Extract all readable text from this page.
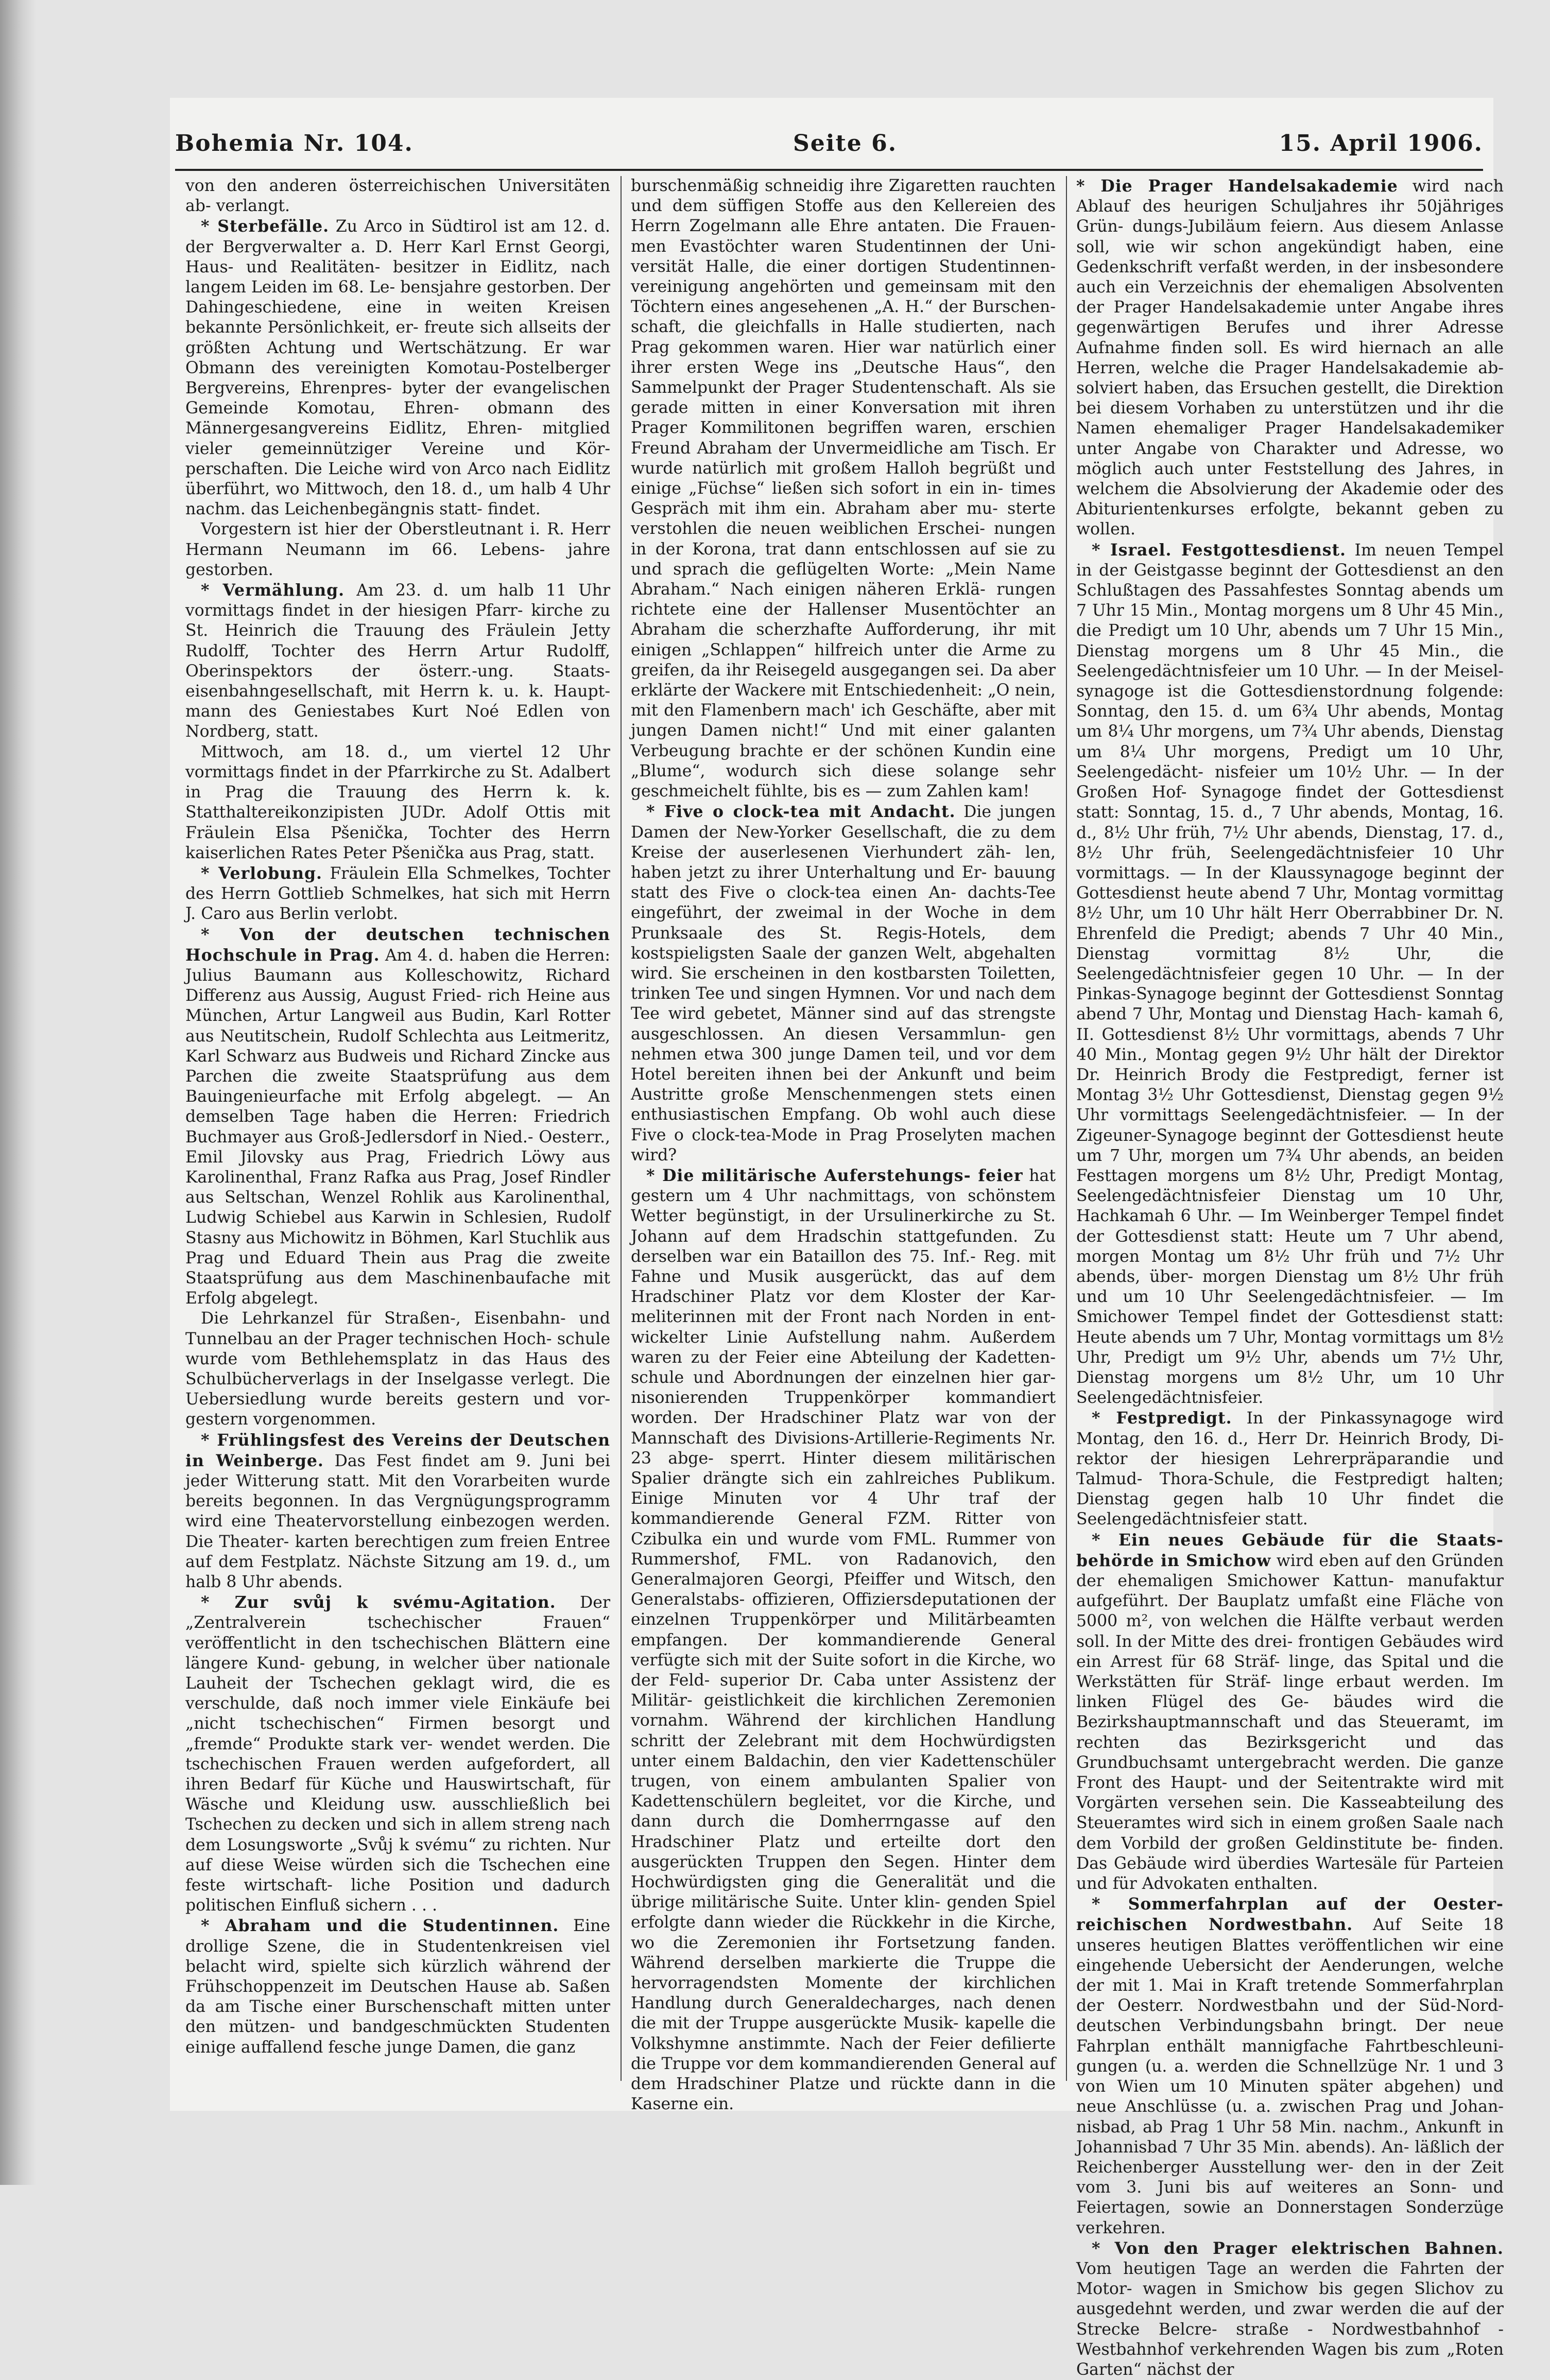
Bohemia Nr. 104.	Seite 6.	15. April 1906.

von den anderen österreichischen Universitäten ab- verlangt.

* Sterbefälle. Zu Arco in Südtirol ist am 12. d. der Bergverwalter a. D. Herr Karl Ernst Georgi, Haus- und Realitäten- besitzer in Eidlitz, nach langem Leiden im 68. Le- bensjahre gestorben. Der Dahingeschiedene, eine in weiten Kreisen bekannte Persönlichkeit, er- freute sich allseits der größten Achtung und Wertschätzung. Er war Obmann des vereinigten Komotau-Postelberger Bergvereins, Ehrenpres- byter der evangelischen Gemeinde Komotau, Ehren- obmann des Männergesangvereins Eidlitz, Ehren- mitglied vieler gemeinnütziger Vereine und Kör- perschaften. Die Leiche wird von Arco nach Eidlitz überführt, wo Mittwoch, den 18. d., um halb 4 Uhr nachm. das Leichenbegängnis statt- findet.

Vorgestern ist hier der Oberstleutnant i. R. Herr Hermann Neumann im 66. Lebens- jahre gestorben.

* Vermählung. Am 23. d. um halb 11 Uhr vormittags findet in der hiesigen Pfarr- kirche zu St. Heinrich die Trauung des Fräulein Jetty Rudolff, Tochter des Herrn Artur Rudolff, Oberinspektors der österr.-ung. Staats- eisenbahngesellschaft, mit Herrn k. u. k. Haupt- mann des Geniestabes Kurt Noé Edlen von Nordberg, statt.

Mittwoch, am 18. d., um viertel 12 Uhr vormittags findet in der Pfarrkirche zu St. Adalbert in Prag die Trauung des Herrn k. k. Statthaltereikonzipisten JUDr. Adolf Ottis mit Fräulein Elsa Pšenička, Tochter des Herrn kaiserlichen Rates Peter Pšenička aus Prag, statt.

* Verlobung. Fräulein Ella Schmelkes, Tochter des Herrn Gottlieb Schmelkes, hat sich mit Herrn J. Caro aus Berlin verlobt.

* Von der deutschen technischen Hochschule in Prag. Am 4. d. haben die Herren: Julius Baumann aus Kolleschowitz, Richard Differenz aus Aussig, August Fried- rich Heine aus München, Artur Langweil aus Budin, Karl Rotter aus Neutitschein, Rudolf Schlechta aus Leitmeritz, Karl Schwarz aus Budweis und Richard Zincke aus Parchen die zweite Staatsprüfung aus dem Bauingenieurfache mit Erfolg abgelegt. — An demselben Tage haben die Herren: Friedrich Buchmayer aus Groß-Jedlersdorf in Nied.- Oesterr., Emil Jilovsky aus Prag, Friedrich Löwy aus Karolinenthal, Franz Rafka aus Prag, Josef Rindler aus Seltschan, Wenzel Rohlik aus Karolinenthal, Ludwig Schiebel aus Karwin in Schlesien, Rudolf Stasny aus Michowitz in Böhmen, Karl Stuchlik aus Prag und Eduard Thein aus Prag die zweite Staatsprüfung aus dem Maschinenbaufache mit Erfolg abgelegt.

Die Lehrkanzel für Straßen-, Eisenbahn- und Tunnelbau an der Prager technischen Hoch- schule wurde vom Bethlehemsplatz in das Haus des Schulbücherverlags in der Inselgasse verlegt. Die Uebersiedlung wurde bereits gestern und vor- gestern vorgenommen.

* Frühlingsfest des Vereins der Deutschen in Weinberge. Das Fest findet am 9. Juni bei jeder Witterung statt. Mit den Vorarbeiten wurde bereits begonnen. In das Vergnügungsprogramm wird eine Theatervorstellung einbezogen werden. Die Theater- karten berechtigen zum freien Entree auf dem Festplatz. Nächste Sitzung am 19. d., um halb 8 Uhr abends.

* Zur svůj k svému-Agitation. Der „Zentralverein tschechischer Frauen“ veröffentlicht in den tschechischen Blättern eine längere Kund- gebung, in welcher über nationale Lauheit der Tschechen geklagt wird, die es verschulde, daß noch immer viele Einkäufe bei „nicht tschechischen“ Firmen besorgt und „fremde“ Produkte stark ver- wendet werden. Die tschechischen Frauen werden aufgefordert, all ihren Bedarf für Küche und Hauswirtschaft, für Wäsche und Kleidung usw. ausschließlich bei Tschechen zu decken und sich in allem streng nach dem Losungsworte „Svůj k svému“ zu richten. Nur auf diese Weise würden sich die Tschechen eine feste wirtschaft- liche Position und dadurch politischen Einfluß sichern . . .

* Abraham und die Studentinnen. Eine drollige Szene, die in Studentenkreisen viel belacht wird, spielte sich kürzlich während der Frühschoppenzeit im Deutschen Hause ab. Saßen da am Tische einer Burschenschaft mitten unter den mützen- und bandgeschmückten Studenten einige auffallend fesche junge Damen, die ganz

burschenmäßig schneidig ihre Zigaretten rauchten und dem süffigen Stoffe aus den Kellereien des Herrn Zogelmann alle Ehre antaten. Die Frauen- men Evastöchter waren Studentinnen der Uni- versität Halle, die einer dortigen Studentinnen- vereinigung angehörten und gemeinsam mit den Töchtern eines angesehenen „A. H.“ der Burschen- schaft, die gleichfalls in Halle studierten, nach Prag gekommen waren. Hier war natürlich einer ihrer ersten Wege ins „Deutsche Haus“, den Sammelpunkt der Prager Studentenschaft. Als sie gerade mitten in einer Konversation mit ihren Prager Kommilitonen begriffen waren, erschien Freund Abraham der Unvermeidliche am Tisch. Er wurde natürlich mit großem Halloh begrüßt und einige „Füchse“ ließen sich sofort in ein in- times Gespräch mit ihm ein. Abraham aber mu- sterte verstohlen die neuen weiblichen Erschei- nungen in der Korona, trat dann entschlossen auf sie zu und sprach die geflügelten Worte: „Mein Name Abraham.“ Nach einigen näheren Erklä- rungen richtete eine der Hallenser Musentöchter an Abraham die scherzhafte Aufforderung, ihr mit einigen „Schlappen“ hilfreich unter die Arme zu greifen, da ihr Reisegeld ausgegangen sei. Da aber erklärte der Wackere mit Entschiedenheit: „O nein, mit den Flamenbern mach' ich Geschäfte, aber mit jungen Damen nicht!“ Und mit einer galanten Verbeugung brachte er der schönen Kundin eine „Blume“, wodurch sich diese solange sehr geschmeichelt fühlte, bis es — zum Zahlen kam!

* Five o clock-tea mit Andacht. Die jungen Damen der New-Yorker Gesellschaft, die zu dem Kreise der auserlesenen Vierhundert zäh- len, haben jetzt zu ihrer Unterhaltung und Er- bauung statt des Five o clock-tea einen An- dachts-Tee eingeführt, der zweimal in der Woche in dem Prunksaale des St. Regis-Hotels, dem kostspieligsten Saale der ganzen Welt, abgehalten wird. Sie erscheinen in den kostbarsten Toiletten, trinken Tee und singen Hymnen. Vor und nach dem Tee wird gebetet, Männer sind auf das strengste ausgeschlossen. An diesen Versammlun- gen nehmen etwa 300 junge Damen teil, und vor dem Hotel bereiten ihnen bei der Ankunft und beim Austritte große Menschenmengen stets einen enthusiastischen Empfang. Ob wohl auch diese Five o clock-tea-Mode in Prag Proselyten machen wird?

* Die militärische Auferstehungs- feier hat gestern um 4 Uhr nachmittags, von schönstem Wetter begünstigt, in der Ursulinerkirche zu St. Johann auf dem Hradschin stattgefunden. Zu derselben war ein Bataillon des 75. Inf.- Reg. mit Fahne und Musik ausgerückt, das auf dem Hradschiner Platz vor dem Kloster der Kar- meliterinnen mit der Front nach Norden in ent- wickelter Linie Aufstellung nahm. Außerdem waren zu der Feier eine Abteilung der Kadetten- schule und Abordnungen der einzelnen hier gar- nisonierenden Truppenkörper kommandiert worden. Der Hradschiner Platz war von der Mannschaft des Divisions-Artillerie-Regiments Nr. 23 abge- sperrt. Hinter diesem militärischen Spalier drängte sich ein zahlreiches Publikum. Einige Minuten vor 4 Uhr traf der kommandierende General FZM. Ritter von Czibulka ein und wurde vom FML. Rummer von Rummershof, FML. von Radanovich, den Generalmajoren Georgi, Pfeiffer und Witsch, den Generalstabs- offizieren, Offiziersdeputationen der einzelnen Truppenkörper und Militärbeamten empfangen. Der kommandierende General verfügte sich mit der Suite sofort in die Kirche, wo der Feld- superior Dr. Caba unter Assistenz der Militär- geistlichkeit die kirchlichen Zeremonien vornahm. Während der kirchlichen Handlung schritt der Zelebrant mit dem Hochwürdigsten unter einem Baldachin, den vier Kadettenschüler trugen, von einem ambulanten Spalier von Kadettenschülern begleitet, vor die Kirche, und dann durch die Domherrngasse auf den Hradschiner Platz und erteilte dort den ausgerückten Truppen den Segen. Hinter dem Hochwürdigsten ging die Generalität und die übrige militärische Suite. Unter klin- genden Spiel erfolgte dann wieder die Rückkehr in die Kirche, wo die Zeremonien ihr Fortsetzung fanden. Während derselben markierte die Truppe die hervorragendsten Momente der kirchlichen Handlung durch Generaldecharges, nach denen die mit der Truppe ausgerückte Musik- kapelle die Volkshymne anstimmte. Nach der Feier defilierte die Truppe vor dem kommandierenden General auf dem Hradschiner Platze und rückte dann in die Kaserne ein.

* Die Prager Handelsakademie wird nach Ablauf des heurigen Schuljahres ihr 50jähriges Grün- dungs-Jubiläum feiern. Aus diesem Anlasse soll, wie wir schon angekündigt haben, eine Gedenkschrift verfaßt werden, in der insbesondere auch ein Verzeichnis der ehemaligen Absolventen der Prager Handelsakademie unter Angabe ihres gegenwärtigen Berufes und ihrer Adresse Aufnahme finden soll. Es wird hiernach an alle Herren, welche die Prager Handelsakademie ab- solviert haben, das Ersuchen gestellt, die Direktion bei diesem Vorhaben zu unterstützen und ihr die Namen ehemaliger Prager Handelsakademiker unter Angabe von Charakter und Adresse, wo möglich auch unter Feststellung des Jahres, in welchem die Absolvierung der Akademie oder des Abiturientenkurses erfolgte, bekannt geben zu wollen.

* Israel. Festgottesdienst. Im neuen Tempel in der Geistgasse beginnt der Gottesdienst an den Schlußtagen des Passahfestes Sonntag abends um 7 Uhr 15 Min., Montag morgens um 8 Uhr 45 Min., die Predigt um 10 Uhr, abends um 7 Uhr 15 Min., Dienstag morgens um 8 Uhr 45 Min., die Seelengedächtnisfeier um 10 Uhr. — In der Meisel- synagoge ist die Gottesdienstordnung folgende: Sonntag, den 15. d. um 6¾ Uhr abends, Montag um 8¼ Uhr morgens, um 7¾ Uhr abends, Dienstag um 8¼ Uhr morgens, Predigt um 10 Uhr, Seelengedächt- nisfeier um 10½ Uhr. — In der Großen Hof- Synagoge findet der Gottesdienst statt: Sonntag, 15. d., 7 Uhr abends, Montag, 16. d., 8½ Uhr früh, 7½ Uhr abends, Dienstag, 17. d., 8½ Uhr früh, Seelengedächtnisfeier 10 Uhr vormittags. — In der Klaussynagoge beginnt der Gottesdienst heute abend 7 Uhr, Montag vormittag 8½ Uhr, um 10 Uhr hält Herr Oberrabbiner Dr. N. Ehrenfeld die Predigt; abends 7 Uhr 40 Min., Dienstag vormittag 8½ Uhr, die Seelengedächtnisfeier gegen 10 Uhr. — In der Pinkas-Synagoge beginnt der Gottesdienst Sonntag abend 7 Uhr, Montag und Dienstag Hach- kamah 6, II. Gottesdienst 8½ Uhr vormittags, abends 7 Uhr 40 Min., Montag gegen 9½ Uhr hält der Direktor Dr. Heinrich Brody die Festpredigt, ferner ist Montag 3½ Uhr Gottesdienst, Dienstag gegen 9½ Uhr vormittags Seelengedächtnisfeier. — In der Zigeuner-Synagoge beginnt der Gottesdienst heute um 7 Uhr, morgen um 7¾ Uhr abends, an beiden Festtagen morgens um 8½ Uhr, Predigt Montag, Seelengedächtnisfeier Dienstag um 10 Uhr, Hachkamah 6 Uhr. — Im Weinberger Tempel findet der Gottesdienst statt: Heute um 7 Uhr abend, morgen Montag um 8½ Uhr früh und 7½ Uhr abends, über- morgen Dienstag um 8½ Uhr früh und um 10 Uhr Seelengedächtnisfeier. — Im Smichower Tempel findet der Gottesdienst statt: Heute abends um 7 Uhr, Montag vormittags um 8½ Uhr, Predigt um 9½ Uhr, abends um 7½ Uhr, Dienstag morgens um 8½ Uhr, um 10 Uhr Seelengedächtnisfeier.

* Festpredigt. In der Pinkassynagoge wird Montag, den 16. d., Herr Dr. Heinrich Brody, Di- rektor der hiesigen Lehrerpräparandie und Talmud- Thora-Schule, die Festpredigt halten; Dienstag gegen halb 10 Uhr findet die Seelengedächtnisfeier statt.

* Ein neues Gebäude für die Staats- behörde in Smichow wird eben auf den Gründen der ehemaligen Smichower Kattun- manufaktur aufgeführt. Der Bauplatz umfaßt eine Fläche von 5000 m², von welchen die Hälfte verbaut werden soll. In der Mitte des drei- frontigen Gebäudes wird ein Arrest für 68 Sträf- linge, das Spital und die Werkstätten für Sträf- linge erbaut werden. Im linken Flügel des Ge- bäudes wird die Bezirkshauptmannschaft und das Steueramt, im rechten das Bezirksgericht und das Grundbuchsamt untergebracht werden. Die ganze Front des Haupt- und der Seitentrakte wird mit Vorgärten versehen sein. Die Kasseabteilung des Steueramtes wird sich in einem großen Saale nach dem Vorbild der großen Geldinstitute be- finden. Das Gebäude wird überdies Wartesäle für Parteien und für Advokaten enthalten.

* Sommerfahrplan auf der Oester- reichischen Nordwestbahn. Auf Seite 18 unseres heutigen Blattes veröffentlichen wir eine eingehende Uebersicht der Aenderungen, welche der mit 1. Mai in Kraft tretende Sommerfahrplan der Oesterr. Nordwestbahn und der Süd-Nord- deutschen Verbindungsbahn bringt. Der neue Fahrplan enthält mannigfache Fahrtbeschleuni- gungen (u. a. werden die Schnellzüge Nr. 1 und 3 von Wien um 10 Minuten später abgehen) und neue Anschlüsse (u. a. zwischen Prag und Johan- nisbad, ab Prag 1 Uhr 58 Min. nachm., Ankunft in Johannisbad 7 Uhr 35 Min. abends). An- läßlich der Reichenberger Ausstellung wer- den in der Zeit vom 3. Juni bis auf weiteres an Sonn- und Feiertagen, sowie an Donnerstagen Sonderzüge verkehren.

* Von den Prager elektrischen Bahnen. Vom heutigen Tage an werden die Fahrten der Motor- wagen in Smichow bis gegen Slichov zu ausgedehnt werden, und zwar werden die auf der Strecke Belcre- straße - Nordwestbahnhof - Westbahnhof verkehrenden Wagen bis zum „Roten Garten“ nächst der
